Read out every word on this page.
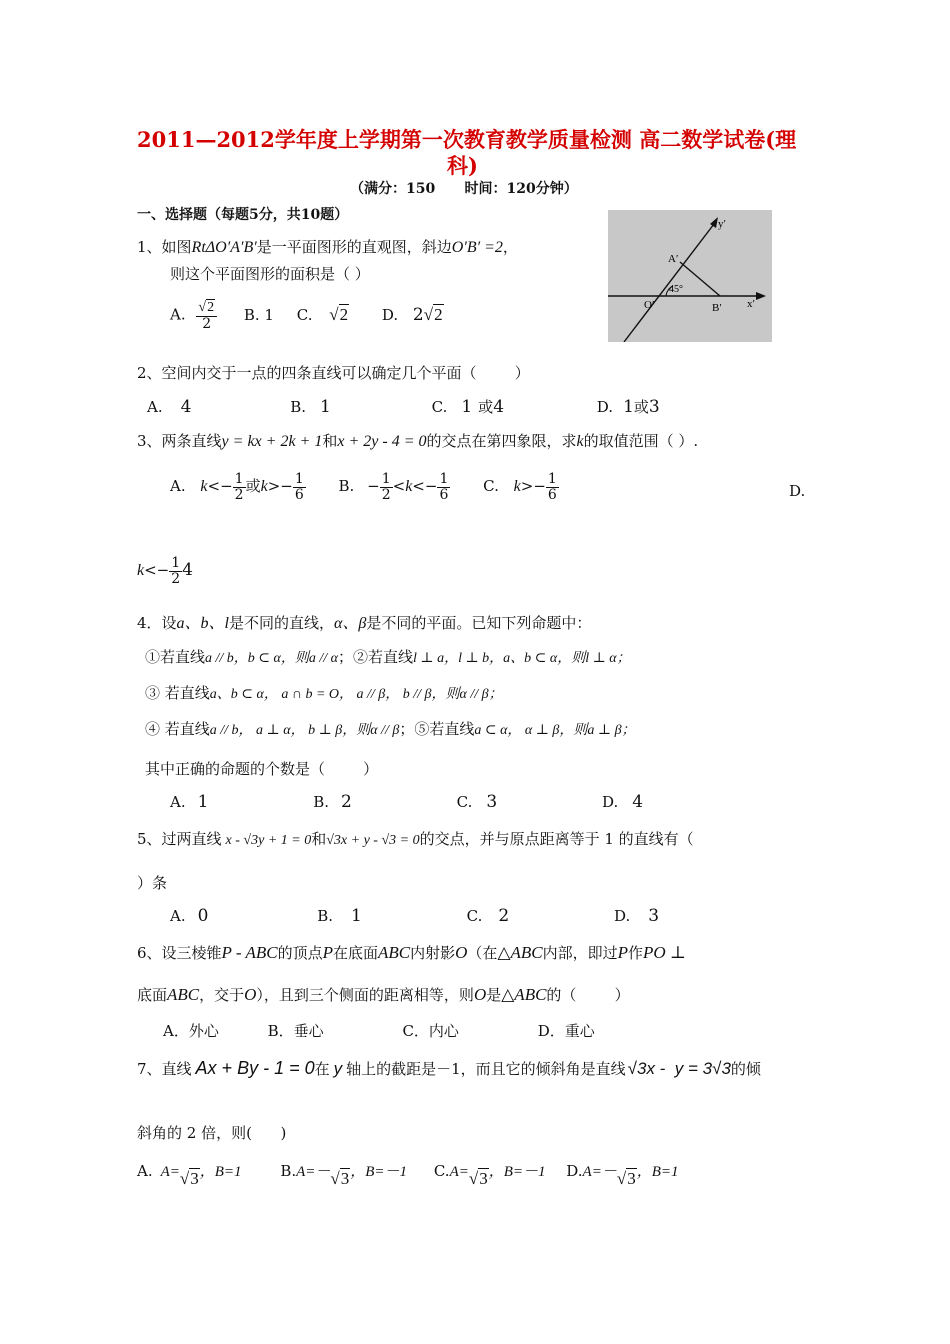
2011—2012学年度上学期第一次教育教学质量检测 高二数学试卷(理
科)
（满分：150      时间：120分钟）
一、选择题（每题5分，共10题）
1、如图RtΔO′A′B′是一平面图形的直观图，斜边O′B′ =2，
则这个平面图形的面积是（ ）
A. $\frac{√2}{2} B$. 1 C. √2 D. 2√2
y′
x′
A′
B′
O′
45°
2、空间内交于一点的四条直线可以确定几个平面（        ）
A. 4	B. 1	C. 1 或4	D. 1或3
3、两条直线y = kx + 2k + 1和x + 2y - 4 = 0的交点在第四象限，求k的取值范围（ ）.
A. $k<- \frac{1}{2}$ 或$k>- \frac{1}{6} B$. − $\frac{1}{2} <k<- \frac{1}{6} C$. $k>- \frac{1}{6}$	D.
$k<- \frac{1}{2} 4$
4．设a、b、l是不同的直线，α、β是不同的平面。已知下列命题中：
①若直线a // b，b ⊂ α，则a // α；②若直线l ⊥ a，l ⊥ b，a、b ⊂ α，则l ⊥ α；
③ 若直线a、b ⊂ α， a ∩ b = O， a // β， b // β，则α // β；
④ 若直线a // b， a ⊥ α， b ⊥ β，则α // β；⑤若直线a ⊂ α， α ⊥ β，则a ⊥ β；
其中正确的命题的个数是（        ）
A. 1	B. 2	C. 3	D. 4
5、过两直线 x - √3y + 1 = 0和√3x + y - √3 = 0的交点，并与原点距离等于 1 的直线有（
）条
A. 0	B. 1	C. 2	D. 3
6、设三棱锥P - ABC的顶点P在底面ABC内射影O（在△ABC内部，即过P作PO ⊥
底面ABC，交于O），且到三个侧面的距离相等，则O是△ABC的（        ）
A．外心	B．垂心	C．内心	D．重心
7、直线 Ax + By - 1 = 0在 y 轴上的截距是－1，而且它的倾斜角是直线 √3x -  y = 3√3的倾
斜角的 2 倍，则(      )
A. A=√3，B=1	B.A=－√3，B=－1 C.A=√3，B=－1 D.A=－√3，B=1
